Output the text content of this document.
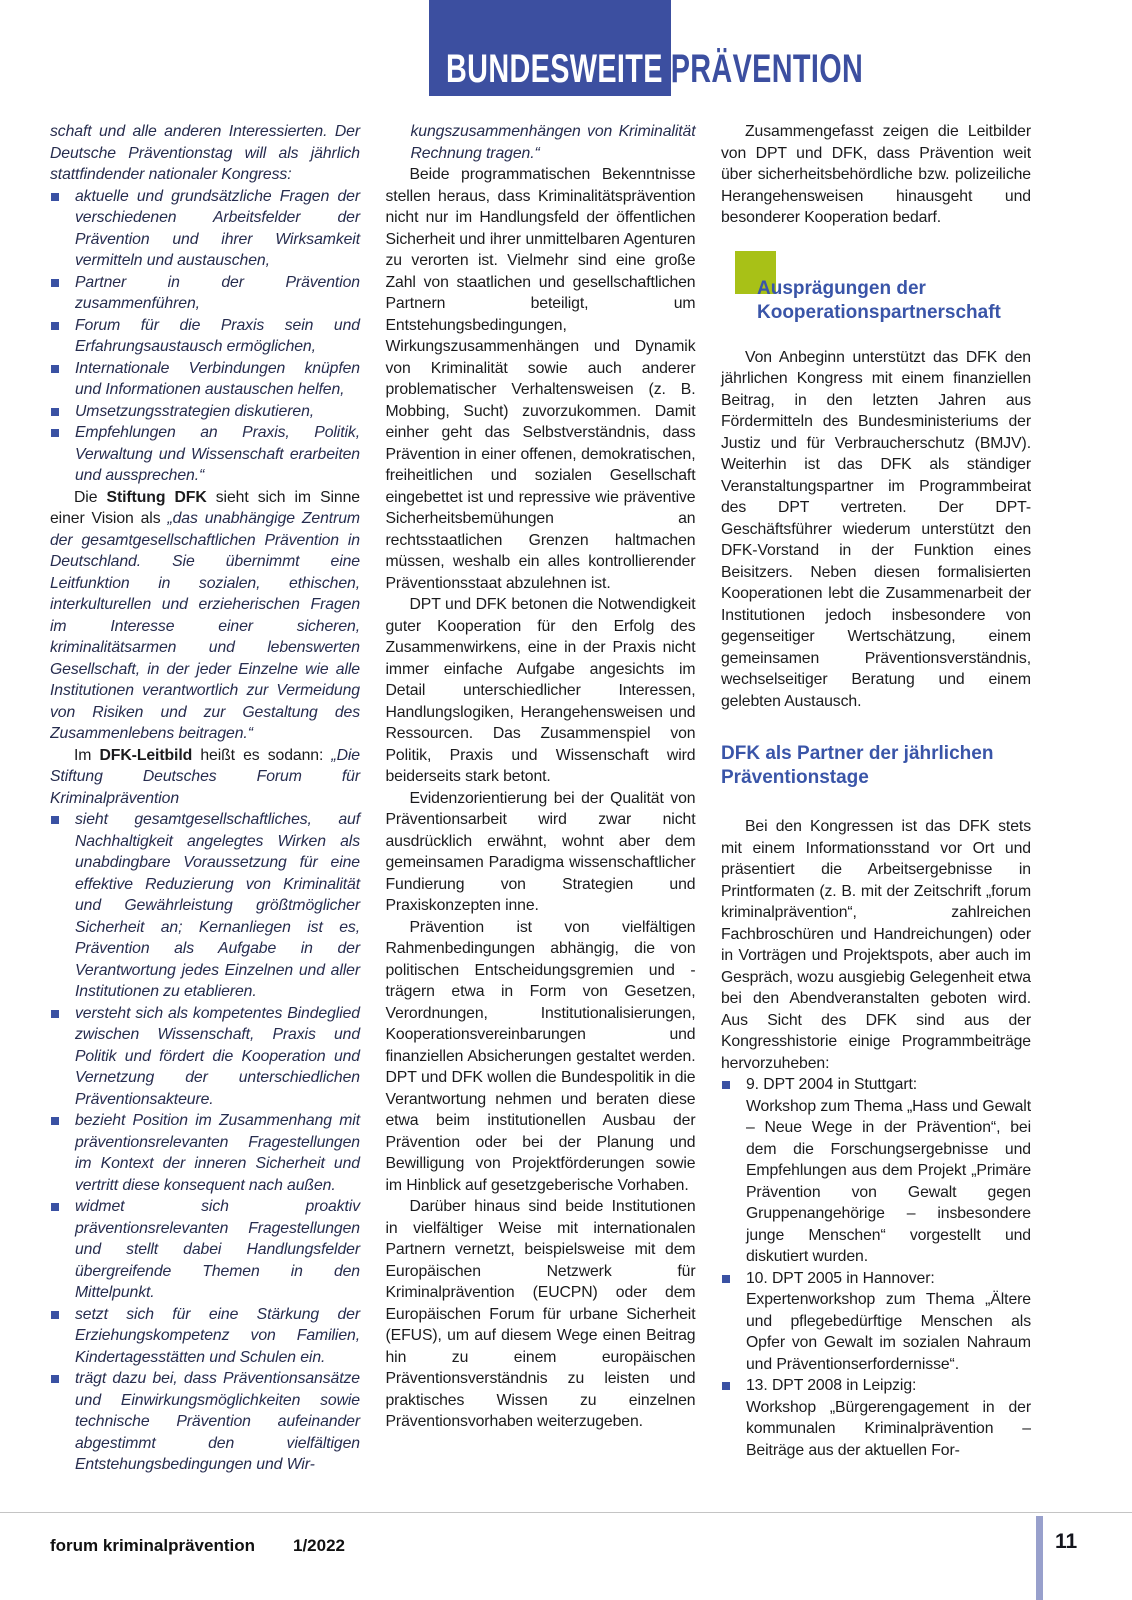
BUNDESWEITE PRÄVENTION

schaft und alle anderen Interessierten. Der Deutsche Präventionstag will als jährlich stattfindender nationaler Kongress:

aktuelle und grundsätzliche Fragen der verschiedenen Arbeitsfelder der Prävention und ihrer Wirksamkeit vermitteln und austauschen,
Partner in der Prävention zusammenführen,
Forum für die Praxis sein und Erfahrungsaustausch ermöglichen,
Internationale Verbindungen knüpfen und Informationen austauschen helfen,
Umsetzungsstrategien diskutieren,
Empfehlungen an Praxis, Politik, Verwaltung und Wissenschaft erarbeiten und aussprechen.“

Die Stiftung DFK sieht sich im Sinne einer Vision als „das unabhängige Zentrum der gesamtgesellschaftlichen Prävention in Deutschland. Sie übernimmt eine Leitfunktion in sozialen, ethischen, interkulturellen und erzieherischen Fragen im Interesse einer sicheren, kriminalitätsarmen und lebenswerten Gesellschaft, in der jeder Einzelne wie alle Institutionen verantwortlich zur Vermeidung von Risiken und zur Gestaltung des Zusammenlebens beitragen.“

Im DFK-Leitbild heißt es sodann: „Die Stiftung Deutsches Forum für Kriminalprävention

sieht gesamtgesellschaftliches, auf Nachhaltigkeit angelegtes Wirken als unabdingbare Voraussetzung für eine effektive Reduzierung von Kriminalität und Gewährleistung größtmöglicher Sicherheit an; Kernanliegen ist es, Prävention als Aufgabe in der Verantwortung jedes Einzelnen und aller Institutionen zu etablieren.
versteht sich als kompetentes Bindeglied zwischen Wissenschaft, Praxis und Politik und fördert die Kooperation und Vernetzung der unterschiedlichen Präventionsakteure.
bezieht Position im Zusammenhang mit präventionsrelevanten Fragestellungen im Kontext der inneren Sicherheit und vertritt diese konsequent nach außen.
widmet sich proaktiv präventionsrelevanten Fragestellungen und stellt dabei Handlungsfelder übergreifende Themen in den Mittelpunkt.
setzt sich für eine Stärkung der Erziehungskompetenz von Familien, Kindertagesstätten und Schulen ein.
trägt dazu bei, dass Präventionsansätze und Einwirkungsmöglichkeiten sowie technische Prävention aufeinander abgestimmt den vielfältigen Entstehungsbedingungen und Wir-

kungszusammenhängen von Kriminalität Rechnung tragen.“

Beide programmatischen Bekenntnisse stellen heraus, dass Kriminalitätsprävention nicht nur im Handlungsfeld der öffentlichen Sicherheit und ihrer unmittelbaren Agenturen zu verorten ist. Vielmehr sind eine große Zahl von staatlichen und gesellschaftlichen Partnern beteiligt, um Entstehungsbedingungen, Wirkungszusammenhängen und Dynamik von Kriminalität sowie auch anderer problematischer Verhaltensweisen (z. B. Mobbing, Sucht) zuvorzukommen. Damit einher geht das Selbstverständnis, dass Prävention in einer offenen, demokratischen, freiheitlichen und sozialen Gesellschaft eingebettet ist und repressive wie präventive Sicherheitsbemühungen an rechtsstaatlichen Grenzen haltmachen müssen, weshalb ein alles kontrollierender Präventionsstaat abzulehnen ist.

DPT und DFK betonen die Notwendigkeit guter Kooperation für den Erfolg des Zusammenwirkens, eine in der Praxis nicht immer einfache Aufgabe angesichts im Detail unterschiedlicher Interessen, Handlungslogiken, Herangehensweisen und Ressourcen. Das Zusammenspiel von Politik, Praxis und Wissenschaft wird beiderseits stark betont.

Evidenzorientierung bei der Qualität von Präventionsarbeit wird zwar nicht ausdrücklich erwähnt, wohnt aber dem gemeinsamen Paradigma wissenschaftlicher Fundierung von Strategien und Praxiskonzepten inne.

Prävention ist von vielfältigen Rahmenbedingungen abhängig, die von politischen Entscheidungsgremien und -trägern etwa in Form von Gesetzen, Verordnungen, Institutionalisierungen, Kooperationsvereinbarungen und finanziellen Absicherungen gestaltet werden. DPT und DFK wollen die Bundespolitik in die Verantwortung nehmen und beraten diese etwa beim institutionellen Ausbau der Prävention oder bei der Planung und Bewilligung von Projektförderungen sowie im Hinblick auf gesetzgeberische Vorhaben.

Darüber hinaus sind beide Institutionen in vielfältiger Weise mit internationalen Partnern vernetzt, beispielsweise mit dem Europäischen Netzwerk für Kriminalprävention (EUCPN) oder dem Europäischen Forum für urbane Sicherheit (EFUS), um auf diesem Wege einen Beitrag hin zu einem europäischen Präventionsverständnis zu leisten und praktisches Wissen zu einzelnen Präventionsvorhaben weiterzugeben.

Zusammengefasst zeigen die Leitbilder von DPT und DFK, dass Prävention weit über sicherheitsbehördliche bzw. polizeiliche Herangehensweisen hinausgeht und besonderer Kooperation bedarf.

Ausprägungen der Kooperationspartnerschaft

Von Anbeginn unterstützt das DFK den jährlichen Kongress mit einem finanziellen Beitrag, in den letzten Jahren aus Fördermitteln des Bundesministeriums der Justiz und für Verbraucherschutz (BMJV). Weiterhin ist das DFK als ständiger Veranstaltungspartner im Programmbeirat des DPT vertreten. Der DPT-Geschäftsführer wiederum unterstützt den DFK-Vorstand in der Funktion eines Beisitzers. Neben diesen formalisierten Kooperationen lebt die Zusammenarbeit der Institutionen jedoch insbesondere von gegenseitiger Wertschätzung, einem gemeinsamen Präventionsverständnis, wechselseitiger Beratung und einem gelebten Austausch.

DFK als Partner der jährlichen Präventionstage

Bei den Kongressen ist das DFK stets mit einem Informationsstand vor Ort und präsentiert die Arbeitsergebnisse in Printformaten (z. B. mit der Zeitschrift „forum kriminalprävention“, zahlreichen Fachbroschüren und Handreichungen) oder in Vorträgen und Projektspots, aber auch im Gespräch, wozu ausgiebig Gelegenheit etwa bei den Abendveranstalten geboten wird. Aus Sicht des DFK sind aus der Kongresshistorie einige Programmbeiträge hervorzuheben:

9. DPT 2004 in Stuttgart:
Workshop zum Thema „Hass und Gewalt – Neue Wege in der Prävention“, bei dem die Forschungsergebnisse und Empfehlungen aus dem Projekt „Primäre Prävention von Gewalt gegen Gruppenangehörige – insbesondere junge Menschen“ vorgestellt und diskutiert wurden.
10. DPT 2005 in Hannover:
Expertenworkshop zum Thema „Ältere und pflegebedürftige Menschen als Opfer von Gewalt im sozialen Nahraum und Präventionserfordernisse“.
13. DPT 2008 in Leipzig:
Workshop „Bürgerengagement in der kommunalen Kriminalprävention – Beiträge aus der aktuellen For-
forum kriminalprävention 1/2022	11
